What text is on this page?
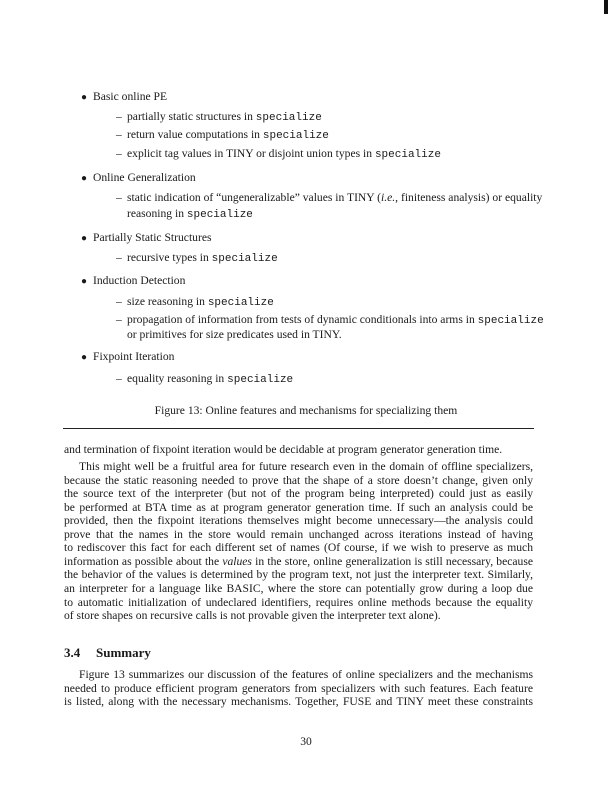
● Basic online PE
– partially static structures in specialize
– return value computations in specialize
– explicit tag values in TINY or disjoint union types in specialize
● Online Generalization
– static indication of “ungeneralizable” values in TINY (i.e., finiteness analysis) or equality
reasoning in specialize
● Partially Static Structures
– recursive types in specialize
● Induction Detection
– size reasoning in specialize
– propagation of information from tests of dynamic conditionals into arms in specialize
or primitives for size predicates used in TINY.
● Fixpoint Iteration
– equality reasoning in specialize
Figure 13: Online features and mechanisms for specializing them
and termination of fixpoint iteration would be decidable at program generator generation time.
This might well be a fruitful area for future research even in the domain of offline specializers,
because the static reasoning needed to prove that the shape of a store doesn’t change, given only
the source text of the interpreter (but not of the program being interpreted) could just as easily
be performed at BTA time as at program generator generation time. If such an analysis could be
provided, then the fixpoint iterations themselves might become unnecessary—the analysis could
prove that the names in the store would remain unchanged across iterations instead of having
to rediscover this fact for each different set of names (Of course, if we wish to preserve as much
information as possible about the values in the store, online generalization is still necessary, because
the behavior of the values is determined by the program text, not just the interpreter text. Similarly,
an interpreter for a language like BASIC, where the store can potentially grow during a loop due
to automatic initialization of undeclared identifiers, requires online methods because the equality
of store shapes on recursive calls is not provable given the interpreter text alone).
Figure 13 summarizes our discussion of the features of online specializers and the mechanisms
needed to produce efficient program generators from specializers with such features. Each feature
is listed, along with the necessary mechanisms. Together, FUSE and TINY meet these constraints
3.4 Summary
30
